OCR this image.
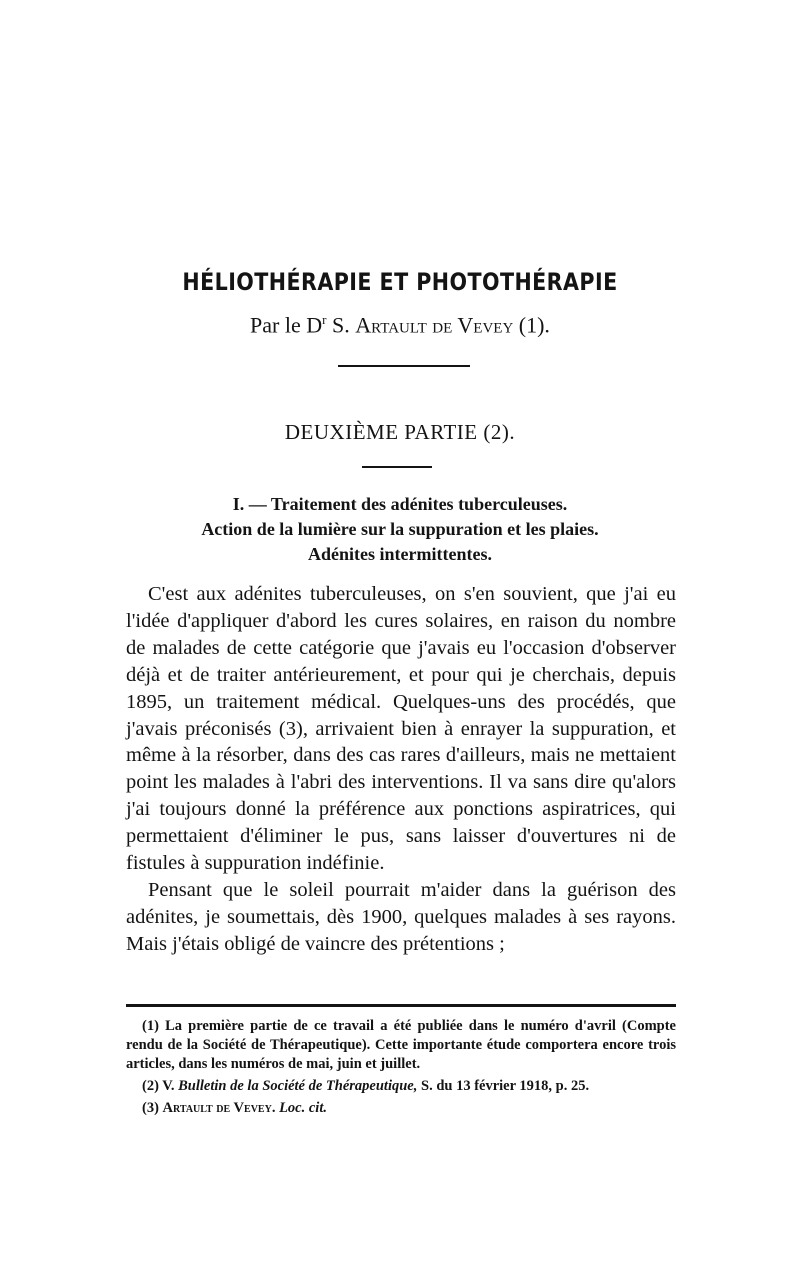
HÉLIOTHÉRAPIE ET PHOTOTHÉRAPIE
Par le $D^r$ S. Artault de Vevey (1).
DEUXIÈME PARTIE (2).
I. — Traitement des adénites tuberculeuses.
Action de la lumière sur la suppuration et les plaies.
Adénites intermittentes.

C'est aux adénites tuberculeuses, on s'en souvient, que j'ai eu l'idée d'appliquer d'abord les cures solaires, en raison du nombre de malades de cette catégorie que j'avais eu l'occasion d'observer déjà et de traiter antérieurement, et pour qui je cherchais, depuis 1895, un traitement médical. Quelques-uns des procédés, que j'avais préconisés (3), arrivaient bien à enrayer la suppuration, et même à la résorber, dans des cas rares d'ailleurs, mais ne mettaient point les malades à l'abri des interventions. Il va sans dire qu'alors j'ai toujours donné la préférence aux ponctions aspiratrices, qui permettaient d'éliminer le pus, sans laisser d'ouvertures ni de fistules à suppuration indéfinie.

Pensant que le soleil pourrait m'aider dans la guérison des adénites, je soumettais, dès 1900, quelques malades à ses rayons. Mais j'étais obligé de vaincre des prétentions ;

(1) La première partie de ce travail a été publiée dans le numéro d'avril (Compte rendu de la Société de Thérapeutique). Cette importante étude comportera encore trois articles, dans les numéros de mai, juin et juillet.

(2) V. Bulletin de la Société de Thérapeutique, S. du 13 février 1918, p. 25.

(3) Artault de Vevey. Loc. cit.
